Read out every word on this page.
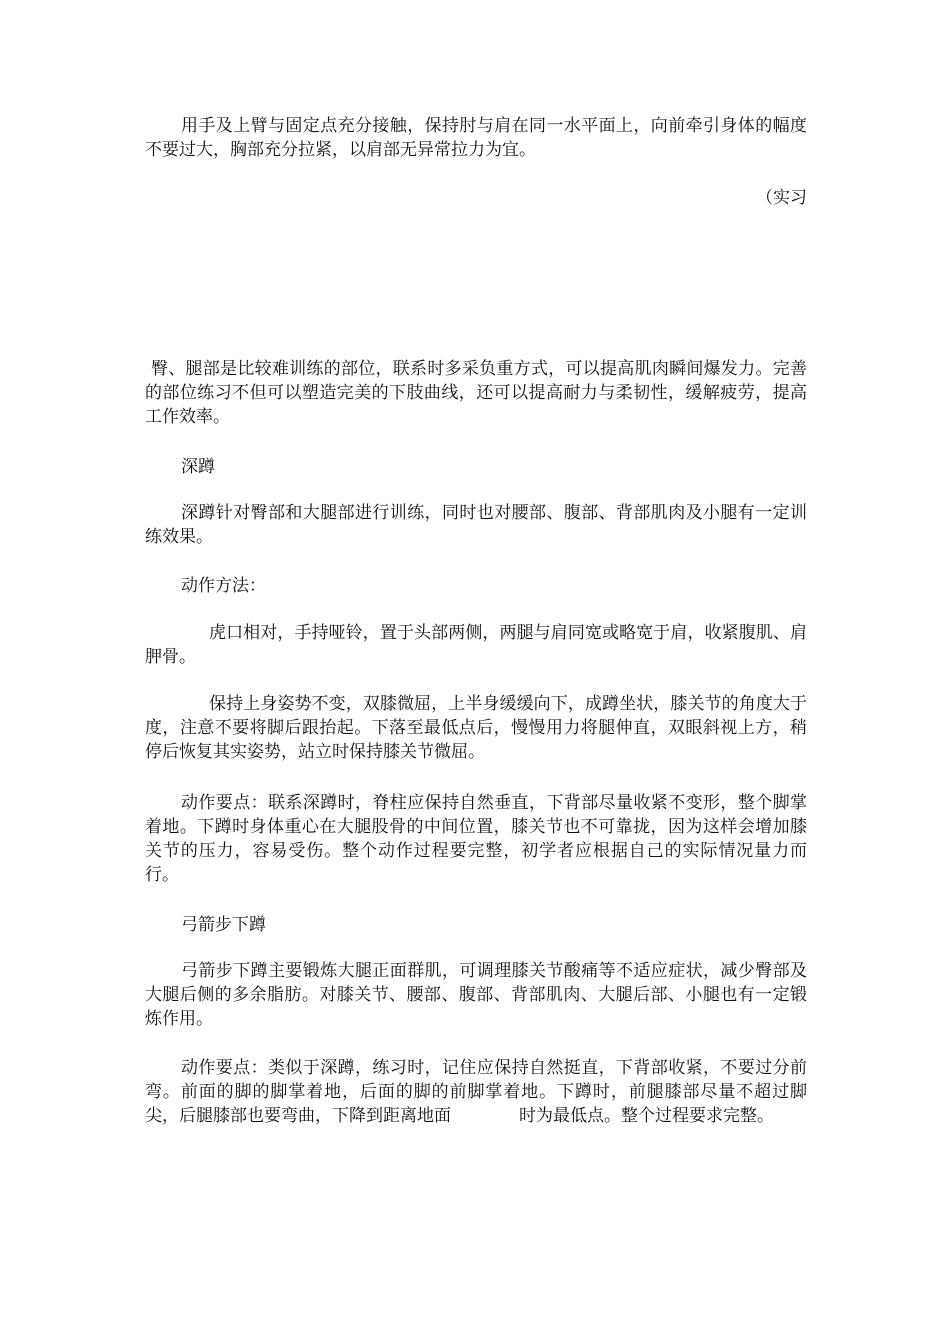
用手及上臂与固定点充分接触，保持肘与肩在同一水平面上，向前牵引身体的幅度不要过大，胸部充分拉紧，以肩部无异常拉力为宜。

（实习

臀、腿部是比较难训练的部位，联系时多采负重方式，可以提高肌肉瞬间爆发力。完善的部位练习不但可以塑造完美的下肢曲线，还可以提高耐力与柔韧性，缓解疲劳，提高工作效率。

深蹲

深蹲针对臀部和大腿部进行训练，同时也对腰部、腹部、背部肌肉及小腿有一定训练效果。

动作方法：

虎口相对，手持哑铃，置于头部两侧，两腿与肩同宽或略宽于肩，收紧腹肌、肩胛骨。

保持上身姿势不变，双膝微屈，上半身缓缓向下，成蹲坐状，膝关节的角度大于　　度，注意不要将脚后跟抬起。下落至最低点后，慢慢用力将腿伸直，双眼斜视上方，稍停后恢复其实姿势，站立时保持膝关节微屈。

动作要点：联系深蹲时，脊柱应保持自然垂直，下背部尽量收紧不变形，整个脚掌着地。下蹲时身体重心在大腿股骨的中间位置，膝关节也不可靠拢，因为这样会增加膝关节的压力，容易受伤。整个动作过程要完整，初学者应根据自己的实际情况量力而行。

弓箭步下蹲

弓箭步下蹲主要锻炼大腿正面群肌，可调理膝关节酸痛等不适应症状，减少臀部及大腿后侧的多余脂肪。对膝关节、腰部、腹部、背部肌肉、大腿后部、小腿也有一定锻炼作用。

动作要点：类似于深蹲，练习时，记住应保持自然挺直，下背部收紧，不要过分前弯。前面的脚的脚掌着地，后面的脚的前脚掌着地。下蹲时，前腿膝部尽量不超过脚尖，后腿膝部也要弯曲，下降到距离地面　　　　时为最低点。整个过程要求完整。
